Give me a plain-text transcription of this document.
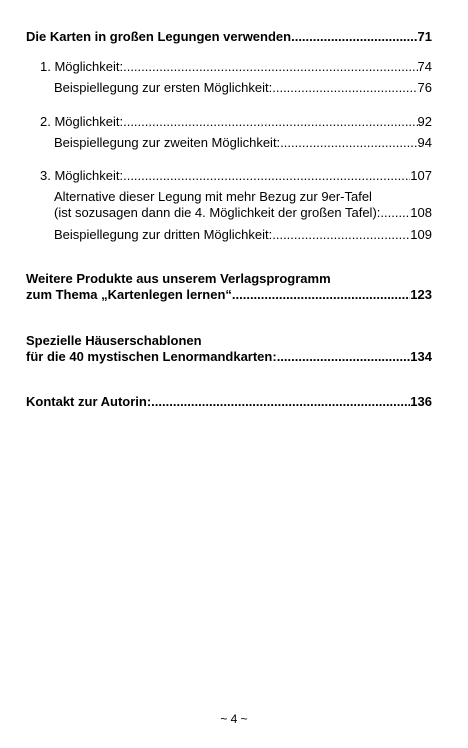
Die Karten in großen Legungen verwenden .....	71
1. Möglichkeit: .....	74
Beispiellegung zur ersten Möglichkeit: .....	76
2. Möglichkeit: .....	92
Beispiellegung zur zweiten Möglichkeit: .....	94
3. Möglichkeit: .....	107
Alternative dieser Legung mit mehr Bezug zur 9er-Tafel
(ist sozusagen dann die 4. Möglichkeit der großen Tafel): ..... 108
Beispiellegung zur dritten Möglichkeit: .....	109
Weitere Produkte aus unserem Verlagsprogramm
zum Thema „Kartenlegen lernen“ .....	123
Spezielle Häuserschablonen
für die 40 mystischen Lenormandkarten: .....	134
Kontakt zur Autorin: .....	136
~ 4 ~
